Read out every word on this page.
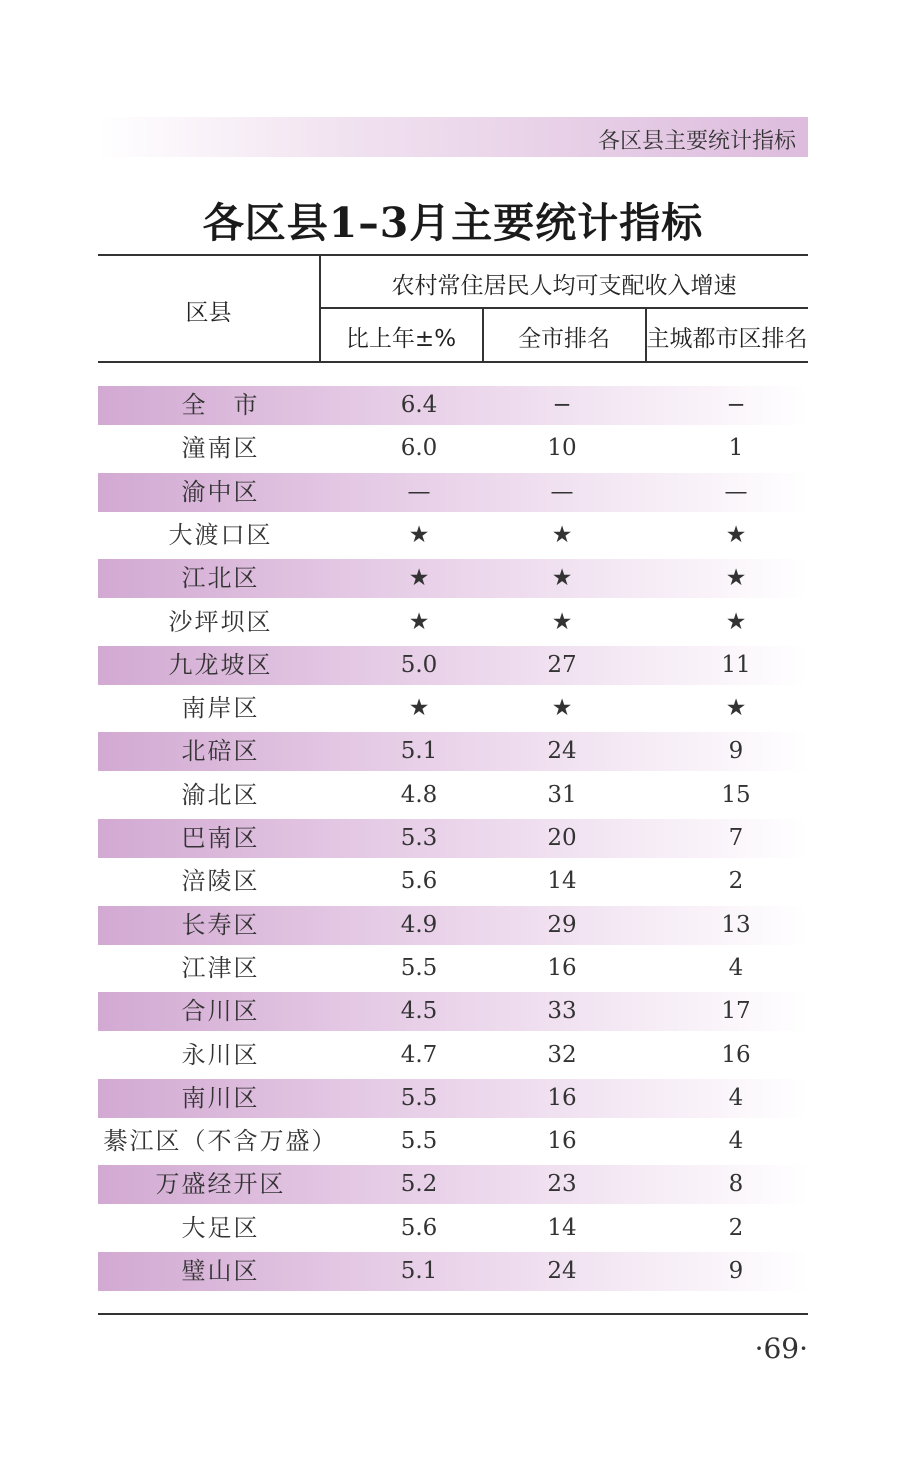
各区县主要统计指标
各区县1–3月主要统计指标
区县
农村常住居民人均可支配收入增速
比上年±%	全市排名	主城都市区排名
全　市	6.4	−	−
潼南区	6.0	10	1
渝中区	—	—	—
大渡口区	★	★	★
江北区	★	★	★
沙坪坝区	★	★	★
九龙坡区	5.0	27	11
南岸区	★	★	★
北碚区	5.1	24	9
渝北区	4.8	31	15
巴南区	5.3	20	7
涪陵区	5.6	14	2
长寿区	4.9	29	13
江津区	5.5	16	4
合川区	4.5	33	17
永川区	4.7	32	16
南川区	5.5	16	4
綦江区（不含万盛）	5.5	16	4
万盛经开区	5.2	23	8
大足区	5.6	14	2
璧山区	5.1	24	9
·69·
